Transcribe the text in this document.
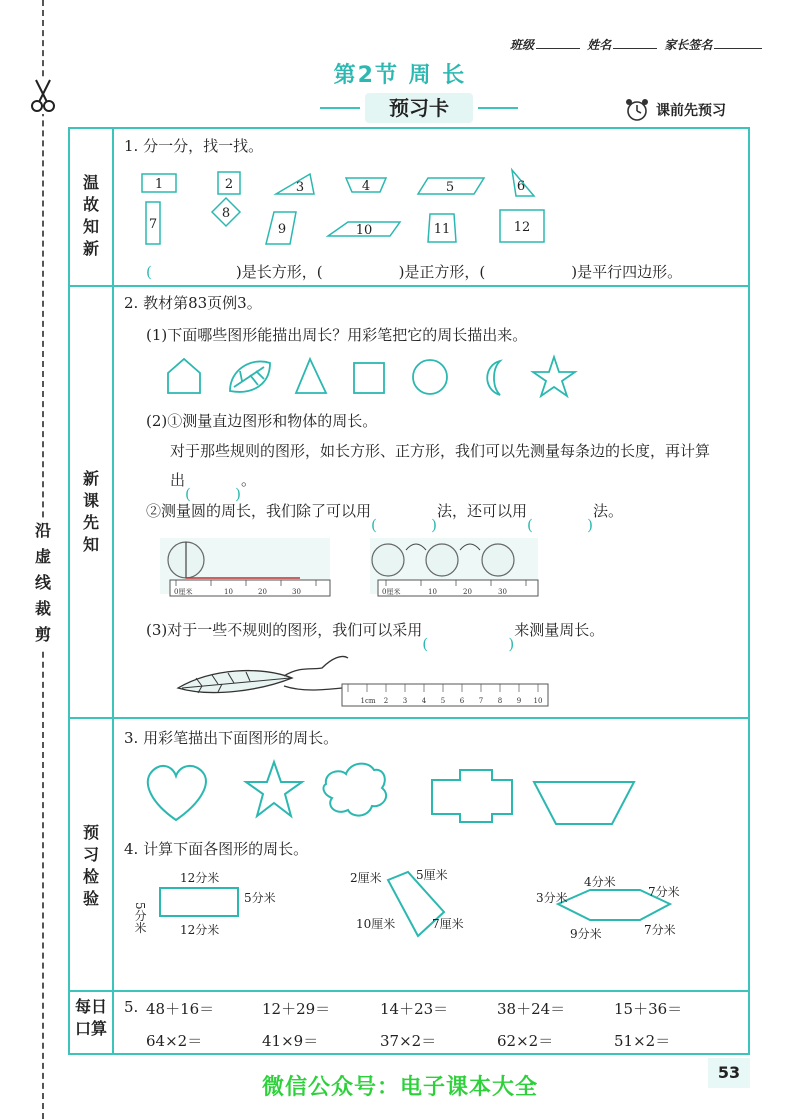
沿虚线裁剪
班级	姓名	家长签名
第2节 周 长
预习卡	课前先预习
温故知新
新课先知
预习检验
每日口算
1. 分一分，找一找。
1	2	3	4	5	6
7
8
9	10	11	12
(	)是长方形，(	)是正方形，(	)是平行四边形。
2. 教材第83页例3。
(1)下面哪些图形能描出周长？用彩笔把它的周长描出来。
(2)①测量直边图形和物体的周长。
对于那些规则的图形，如长方形、正方形，我们可以先测量每条边的长度，再计算
出	。
②测量圆的周长，我们除了可以用	法，还可以用	法。
0厘米	10	20	30	0厘米	10	20	30
(3)对于一些不规则的图形，我们可以采用	来测量周长。
1cm 2 3 4 5 6 7 8 9 10
3. 用彩笔描出下面图形的周长。
4. 计算下面各图形的周长。
12分米
12分米
5分米
5分米
2厘米	5厘米
10厘米	7厘米
3分米
4分米
7分米
7分米
9分米
5. 48＋16＝	12＋29＝	14＋23＝	38＋24＝	15＋36＝
64×2＝	41×9＝	37×2＝	62×2＝	51×2＝
53
微信公众号：电子课本大全
